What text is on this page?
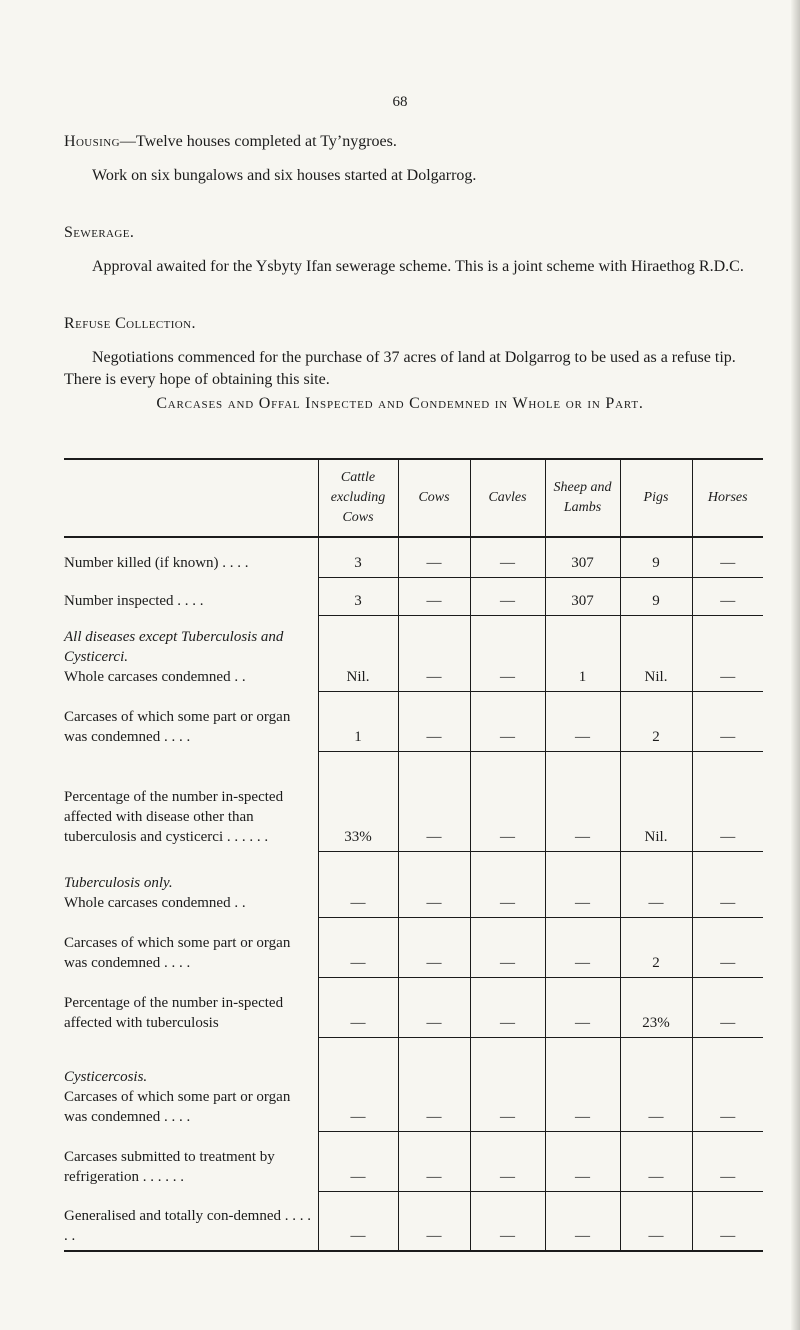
68

Housing—Twelve houses completed at Ty’nygroes.

Work on six bungalows and six houses started at Dolgarrog.

Sewerage.

Approval awaited for the Ysbyty Ifan sewerage scheme. This is a joint scheme with Hiraethog R.D.C.

Refuse Collection.

Negotiations commenced for the purchase of 37 acres of land at Dolgarrog to be used as a refuse tip. There is every hope of obtaining this site.

Carcases and Offal Inspected and Condemned in Whole or in Part.
	Cattle excluding Cows	Cows	Cavles	Sheep and Lambs	Pigs	Horses
Number killed (if known) . . . .	3	—	—	307	9	—
Number inspected . . . .	3	—	—	307	9	—

All diseases except Tuberculosis and Cysticerci.
Whole carcases condemned . .	Nil.	—	—	1	Nil.	—
Carcases of which some part or organ was condemned . . . .	1	—	—	—	2	—
Percentage of the number in-spected affected with disease other than tuberculosis and cysticerci . . . . . .	33%	—	—	—	Nil.	—

Tuberculosis only.
Whole carcases condemned . .	—	—	—	—	—	—
Carcases of which some part or organ was condemned . . . .	—	—	—	—	2	—
Percentage of the number in-spected affected with tuberculosis	—	—	—	—	23%	—

Cysticercosis.
Carcases of which some part or organ was condemned . . . .	—	—	—	—	—	—
Carcases submitted to treatment by refrigeration . . . . . .	—	—	—	—	—	—
Generalised and totally con-demned . . . . . .	—	—	—	—	—	—
